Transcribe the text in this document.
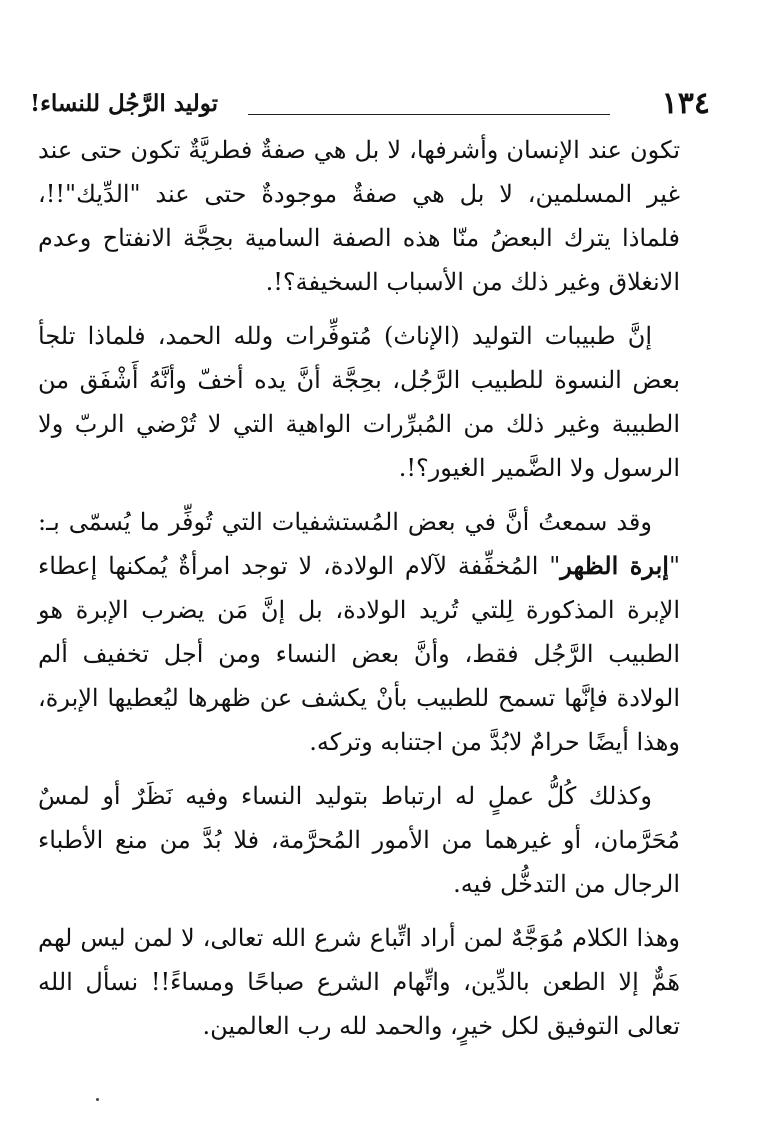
١٣٤
توليد الرَّجُل للنساء!

تكون عند الإنسان وأشرفها، لا بل هي صفةٌ فطريَّةٌ تكون حتى عند غير المسلمين، لا بل هي صفةٌ موجودةٌ حتى عند "الدِّيك"!!، فلماذا يترك البعضُ منّا هذه الصفة السامية بحِجَّة الانفتاح وعدم الانغلاق وغير ذلك من الأسباب السخيفة؟!.

إنَّ طبيبات التوليد (الإناث) مُتوفِّرات ولله الحمد، فلماذا تلجأ بعض النسوة للطبيب الرَّجُل، بحِجَّة أنَّ يده أخفّ وأنَّهُ أَشْفَق من الطبيبة وغير ذلك من المُبرِّرات الواهية التي لا تُرْضي الربّ ولا الرسول ولا الضَّمير الغيور؟!.

وقد سمعتُ أنَّ في بعض المُستشفيات التي تُوفِّر ما يُسمّى بـ: "إبرة الظهر" المُخفِّفة لآلام الولادة، لا توجد امرأةٌ يُمكنها إعطاء الإبرة المذكورة لِلتي تُريد الولادة، بل إنَّ مَن يضرب الإبرة هو الطبيب الرَّجُل فقط، وأنَّ بعض النساء ومن أجل تخفيف ألم الولادة فإنَّها تسمح للطبيب بأنْ يكشف عن ظهرها ليُعطيها الإبرة، وهذا أيضًا حرامٌ لابُدَّ من اجتنابه وتركه.

وكذلك كُلُّ عملٍ له ارتباط بتوليد النساء وفيه نَظَرٌ أو لمسٌ مُحَرَّمان، أو غيرهما من الأمور المُحرَّمة، فلا بُدَّ من منع الأطباء الرجال من التدخُّل فيه.

وهذا الكلام مُوَجَّهٌ لمن أراد اتِّباع شرع الله تعالى، لا لمن ليس لهم هَمٌّ إلا الطعن بالدِّين، واتِّهام الشرع صباحًا ومساءً!! نسأل الله تعالى التوفيق لكل خيرٍ، والحمد لله رب العالمين.
